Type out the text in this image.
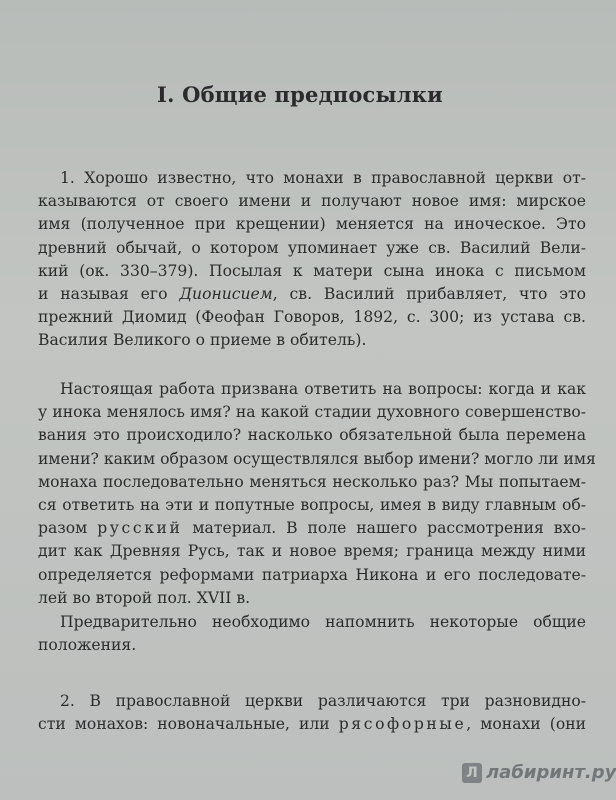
I. Общие предпосылки
1. Хорошо известно, что монахи в православной церкви от-
казываются от своего имени и получают новое имя: мирское
имя (полученное при крещении) меняется на иноческое. Это
древний обычай, о котором упоминает уже св. Василий Вели-
кий (ок. 330–379). Посылая к матери сына инока с письмом
и называя его Дионисием, св. Василий прибавляет, что это
прежний Диомид (Феофан Говоров, 1892, с. 300; из устава св.
Василия Великого о приеме в обитель).
Настоящая работа призвана ответить на вопросы: когда и как
у инока менялось имя? на какой стадии духовного совершенство-
вания это происходило? насколько обязательной была перемена
имени? каким образом осуществлялся выбор имени? могло ли имя
монаха последовательно меняться несколько раз? Мы попытаем-
ся ответить на эти и попутные вопросы, имея в виду главным об-
разом русский материал. В поле нашего рассмотрения вхо-
дит как Древняя Русь, так и новое время; граница между ними
определяется реформами патриарха Никона и его последовате-
лей во второй пол. XVII в.
Предварительно необходимо напомнить некоторые общие
положения.
2. В православной церкви различаются три разновидно-
сти монахов: новоначальные, или рясофорные, монахи (они
Л лабиринт.ру
